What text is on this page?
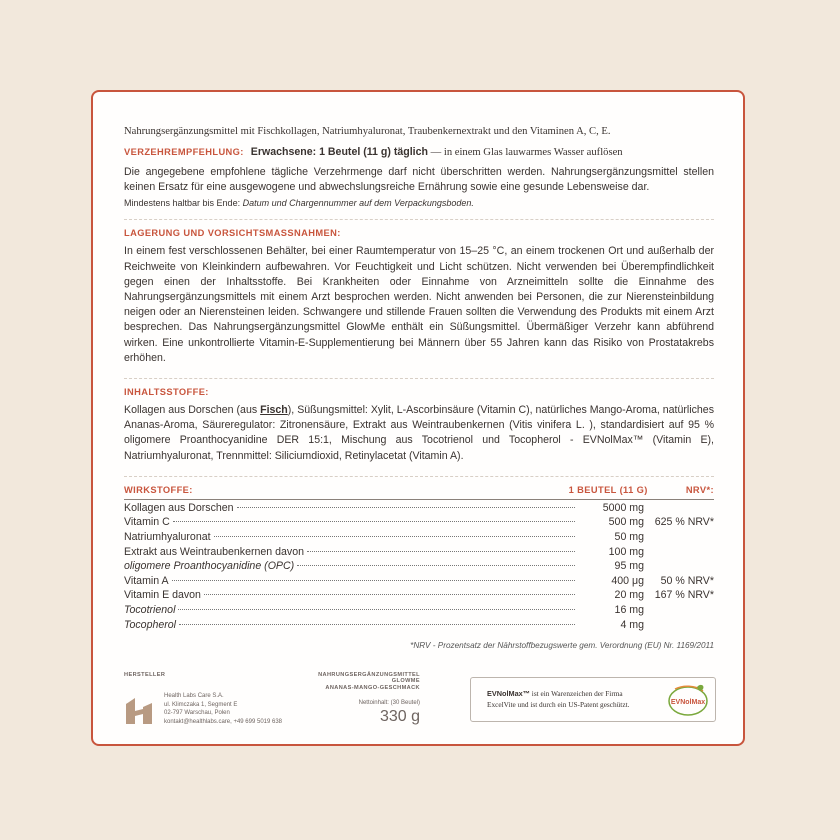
Nahrungsergänzungsmittel mit Fischkollagen, Natriumhyaluronat, Traubenkernextrakt und den Vitaminen A, C, E.

VERZEHREMPFEHLUNG: Erwachsene: 1 Beutel (11 g) täglich — in einem Glas lauwarmes Wasser auflösen

Die angegebene empfohlene tägliche Verzehrmenge darf nicht überschritten werden. Nahrungsergänzungsmittel stellen keinen Ersatz für eine ausgewogene und abwechslungsreiche Ernährung sowie eine gesunde Lebensweise dar.

Mindestens haltbar bis Ende: Datum und Chargennummer auf dem Verpackungsboden.

LAGERUNG UND VORSICHTSMASSNAHMEN:

In einem fest verschlossenen Behälter, bei einer Raumtemperatur von 15–25 °C, an einem trockenen Ort und außerhalb der Reichweite von Kleinkindern aufbewahren. Vor Feuchtigkeit und Licht schützen. Nicht verwenden bei Überempfindlichkeit gegen einen der Inhaltsstoffe. Bei Krankheiten oder Einnahme von Arzneimitteln sollte die Einnahme des Nahrungsergänzungsmittels mit einem Arzt besprochen werden. Nicht anwenden bei Personen, die zur Nierensteinbildung neigen oder an Nierensteinen leiden. Schwangere und stillende Frauen sollten die Verwendung des Produkts mit einem Arzt besprechen. Das Nahrungsergänzungsmittel GlowMe enthält ein Süßungsmittel. Übermäßiger Verzehr kann abführend wirken. Eine unkontrollierte Vitamin-E-Supplementierung bei Männern über 55 Jahren kann das Risiko von Prostatakrebs erhöhen.

INHALTSSTOFFE:

Kollagen aus Dorschen (aus Fisch), Süßungsmittel: Xylit, L-Ascorbinsäure (Vitamin C), natürliches Mango-Aroma, natürliches Ananas-Aroma, Säureregulator: Zitronensäure, Extrakt aus Weintraubenkernen (Vitis vinifera L. ), standardisiert auf 95 % oligomere Proanthocyanidine DER 15:1, Mischung aus Tocotrienol und Tocopherol - EVNolMax™ (Vitamin E), Natriumhyaluronat, Trennmittel: Siliciumdioxid, Retinylacetat (Vitamin A).

WIRKSTOFFE:	1 BEUTEL (11 G)	NRV*:
Kollagen aus Dorschen	5000 mg
Vitamin C	500 mg	625 % NRV*
Natriumhyaluronat	50 mg
Extrakt aus Weintraubenkernen davon	100 mg
oligomere Proanthocyanidine (OPC)	95 mg
Vitamin A	400 μg	50 % NRV*
Vitamin E davon	20 mg	167 % NRV*
Tocotrienol	16 mg
Tocopherol	4 mg
*NRV - Prozentsatz der Nährstoffbezugswerte gem. Verordnung (EU) Nr. 1169/2011
HERSTELLER
Health Labs Care S.A.
ul. Klimczaka 1, Segment E
02-797 Warschau, Polen
kontakt@healthlabs.care, +49 699 5019 638
NAHRUNGSERGÄNZUNGSMITTEL GLOWME
ANANAS-MANGO-GESCHMACK
Nettoinhalt: (30 Beutel)
330 g
EVNolMax™ ist ein Warenzeichen der Firma
ExcelVite und ist durch ein US-Patent geschützt.	EVNolMax
